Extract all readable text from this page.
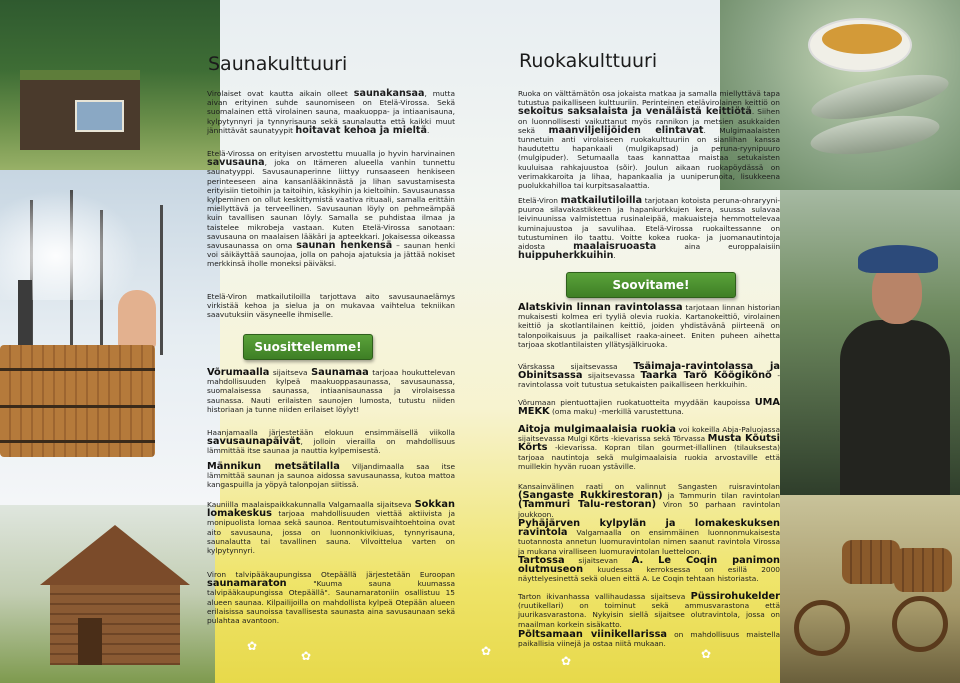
✿
✿	✿
✿	✿
Saunakulttuuri
Virolaiset ovat kautta aikain olleet saunakansaa, mutta aivan erityinen suhde saunomiseen on Etelä-Virossa. Sekä suomalainen että virolainen sauna, maakuoppa- ja intiaanisauna, kylpytynnyri ja tynnyrisauna sekä saunalautta että kaikki muut jännittävät saunatyypit hoitavat kehoa ja mieltä.
Etelä-Virossa on erityisen arvostettu muualla jo hyvin harvinainen savusauna, joka on Itämeren alueella vanhin tunnettu saunatyyppi. Savusaunaperinne liittyy runsaaseen henkiseen perinteeseen aina kansanlääkinnästä ja lihan savustamisesta erityisiin tietoihin ja taitoihin, käskyihin ja kieltoihin. Savusaunassa kylpeminen on ollut keskittymistä vaativa rituaali, samalla erittäin miellyttävä ja terveellinen. Savusaunan löyly on pehmeämpää kuin tavallisen saunan löyly. Samalla se puhdistaa ilmaa ja taistelee mikrobeja vastaan. Kuten Etelä-Virossa sanotaan: savusauna on maalaisen lääkäri ja apteekkari. Jokaisessa oikeassa savusaunassa on oma saunan henkensä – saunan henki voi säikäyttää saunojaa, jolla on pahoja ajatuksia ja jättää nokiset merkkinsä iholle moneksi päiväksi.
Etelä-Viron matkailutiloilla tarjottava aito savusaunaelämys virkistää kehoa ja sielua ja on mukavaa vaihtelua tekniikan saavutuksiin väsyneelle ihmiselle.
Suosittelemme!
Võrumaalla sijaitseva Saunamaa tarjoaa houkuttelevan mahdollisuuden kylpeä maakuoppasaunassa, savusaunassa, suomalaisessa saunassa, intiaanisaunassa ja virolaisessa saunassa. Nauti erilaisten saunojen lumosta, tutustu niiden historiaan ja tunne niiden erilaiset löylyt!
Haanjamaalla järjestetään elokuun ensimmäisellä viikolla savusaunapäivät, jolloin vierailla on mahdollisuus lämmittää itse saunaa ja nauttia kylpemisestä.
Männikun metsätilalla Viljandimaalla saa itse lämmittää saunan ja saunoa aidossa savusaunassa, kutoa mattoa kangaspuilla ja yöpyä talonpojan siitissä.
Kauniilla maalaispaikkakunnalla Valgamaalla sijaitseva Sokkan lomakeskus tarjoaa mahdollisuuden viettää aktiivista ja monipuolista lomaa sekä saunoa. Rentoutumisvaihtoehtoina ovat aito savusauna, jossa on luonnonkivikiuas, tynnyrisauna, saunalautta tai tavallinen sauna. Vilvoittelua varten on kylpytynnyri.
Viron talvipääkaupungissa Otepäällä järjestetään Euroopan saunamaraton "Kuuma sauna kuumassa talvipääkaupungissa Otepäällä". Saunamaratoniin osallistuu 15 alueen saunaa. Kilpailijoilla on mahdollista kylpeä Otepään alueen erilaisissa saunoissa tavallisesta saunasta aina savusaunaan sekä pulahtaa avantoon.
Ruokakulttuuri
Ruoka on välttämätön osa jokaista matkaa ja samalla miellyttävä tapa tutustua paikalliseen kulttuuriin. Perinteinen etelävirolainen keittiö on sekoitus saksalaista ja venäläistä keittiötä. Siihen on luonnollisesti vaikuttanut myös rannikon ja metsien asukkaiden sekä maanviljelijöiden elintavat. Mulgimaalaisten tunnetuin anti virolaiseen ruokakulttuuriin on sianlihan kanssa haudutettu hapankaali (mulgikapsad) ja peruna-ryynipuuro (mulgipuder). Setumaalla taas kannattaa maistaa setukaisten kuuluisaa rahkajuustoa (sõir). Joulun aikaan ruokapöydässä on verimakkaroita ja lihaa, hapankaalia ja uuniperunoita, lisukkeena puolukkahilloa tai kurpitsasalaattia.
Etelä-Viron matkailutiloilla tarjotaan kotoista peruna-ohraryyni-puuroa silavakastikkeen ja hapankurkkujen kera, suussa sulavaa leivinuunissa valmistettua rusinaleipää, makuaisteja hemmottelevaa kuminajuustoa ja savulihaa. Etelä-Virossa ruokailtessanne on tutustuminen ilo taattu. Voitte kokea ruoka- ja juomanautintoja aidosta maalaisruoasta aina europpalaisiin huippuherkkuihin.
Soovitame!
Alatskivin linnan ravintolassa tarjotaan linnan historian mukaisesti kolmea eri tyyliä olevia ruokia. Kartanokeittiö, virolainen keittiö ja skotlantilainen keittiö, joiden yhdistävänä piirteenä on talonpoikaisuus ja paikalliset raaka-aineet. Eniten puheen aihetta tarjoaa skotlantilaisten yllätysjälkiruoka.
Värskassa sijaitsevassa Tsäimaja-ravintolassa ja Obinitsassa sijaitsevassa Taarka Tarõ Kõõgikõnõ -ravintolassa voit tutustua setukaisten paikalliseen herkkuihin.
Võrumaan pientuottajien ruokatuotteita myydään kaupoissa UMA MEKK (oma maku) -merkillä varustettuna.
Aitoja mulgimaalaisia ruokia voi kokeilla Abja-Paluojassa sijaitsevassa Mulgi Kõrts -kievarissa sekä Tõrvassa Musta Kõutsi Kõrts -kievarissa. Kopran tilan gourmet-illallinen (tilauksesta) tarjoaa nautintoja sekä mulgimaalaisia ruokia arvostaville että muillekin hyvän ruoan ystäville.
Kansainvälinen raati on valinnut Sangasten ruisravintolan (Sangaste Rukkirestoran) ja Tammurin tilan ravintolan (Tammuri Talu-restoran) Viron 50 parhaan ravintolan joukkoon.
Pyhäjärven kylpylän ja lomakeskuksen ravintola Valgamaalla on ensimmäinen luonnonmukaisesta tuotannosta annetun luomuravintolan nimen saanut ravintola Virossa ja mukana viralliseen luomuravintolan luetteloon.
Tartossa sijaitsevan A. Le Coqin panimon olutmuseon kuudessa kerroksessa on esillä 2000 näyttelyesinettä sekä oluen eittä A. Le Coqin tehtaan historiasta.
Tarton ikivanhassa vallihaudassa sijaitseva Püssirohukelder (ruutikellari) on toiminut sekä ammusvarastona että juurikasvarastona. Nykyisin siellä sijaitsee olutravintola, jossa on maailman korkein sisäkatto.
Põltsamaan viinikellarissa on mahdollisuus maistella paikallisia viinejä ja ostaa niitä mukaan.
